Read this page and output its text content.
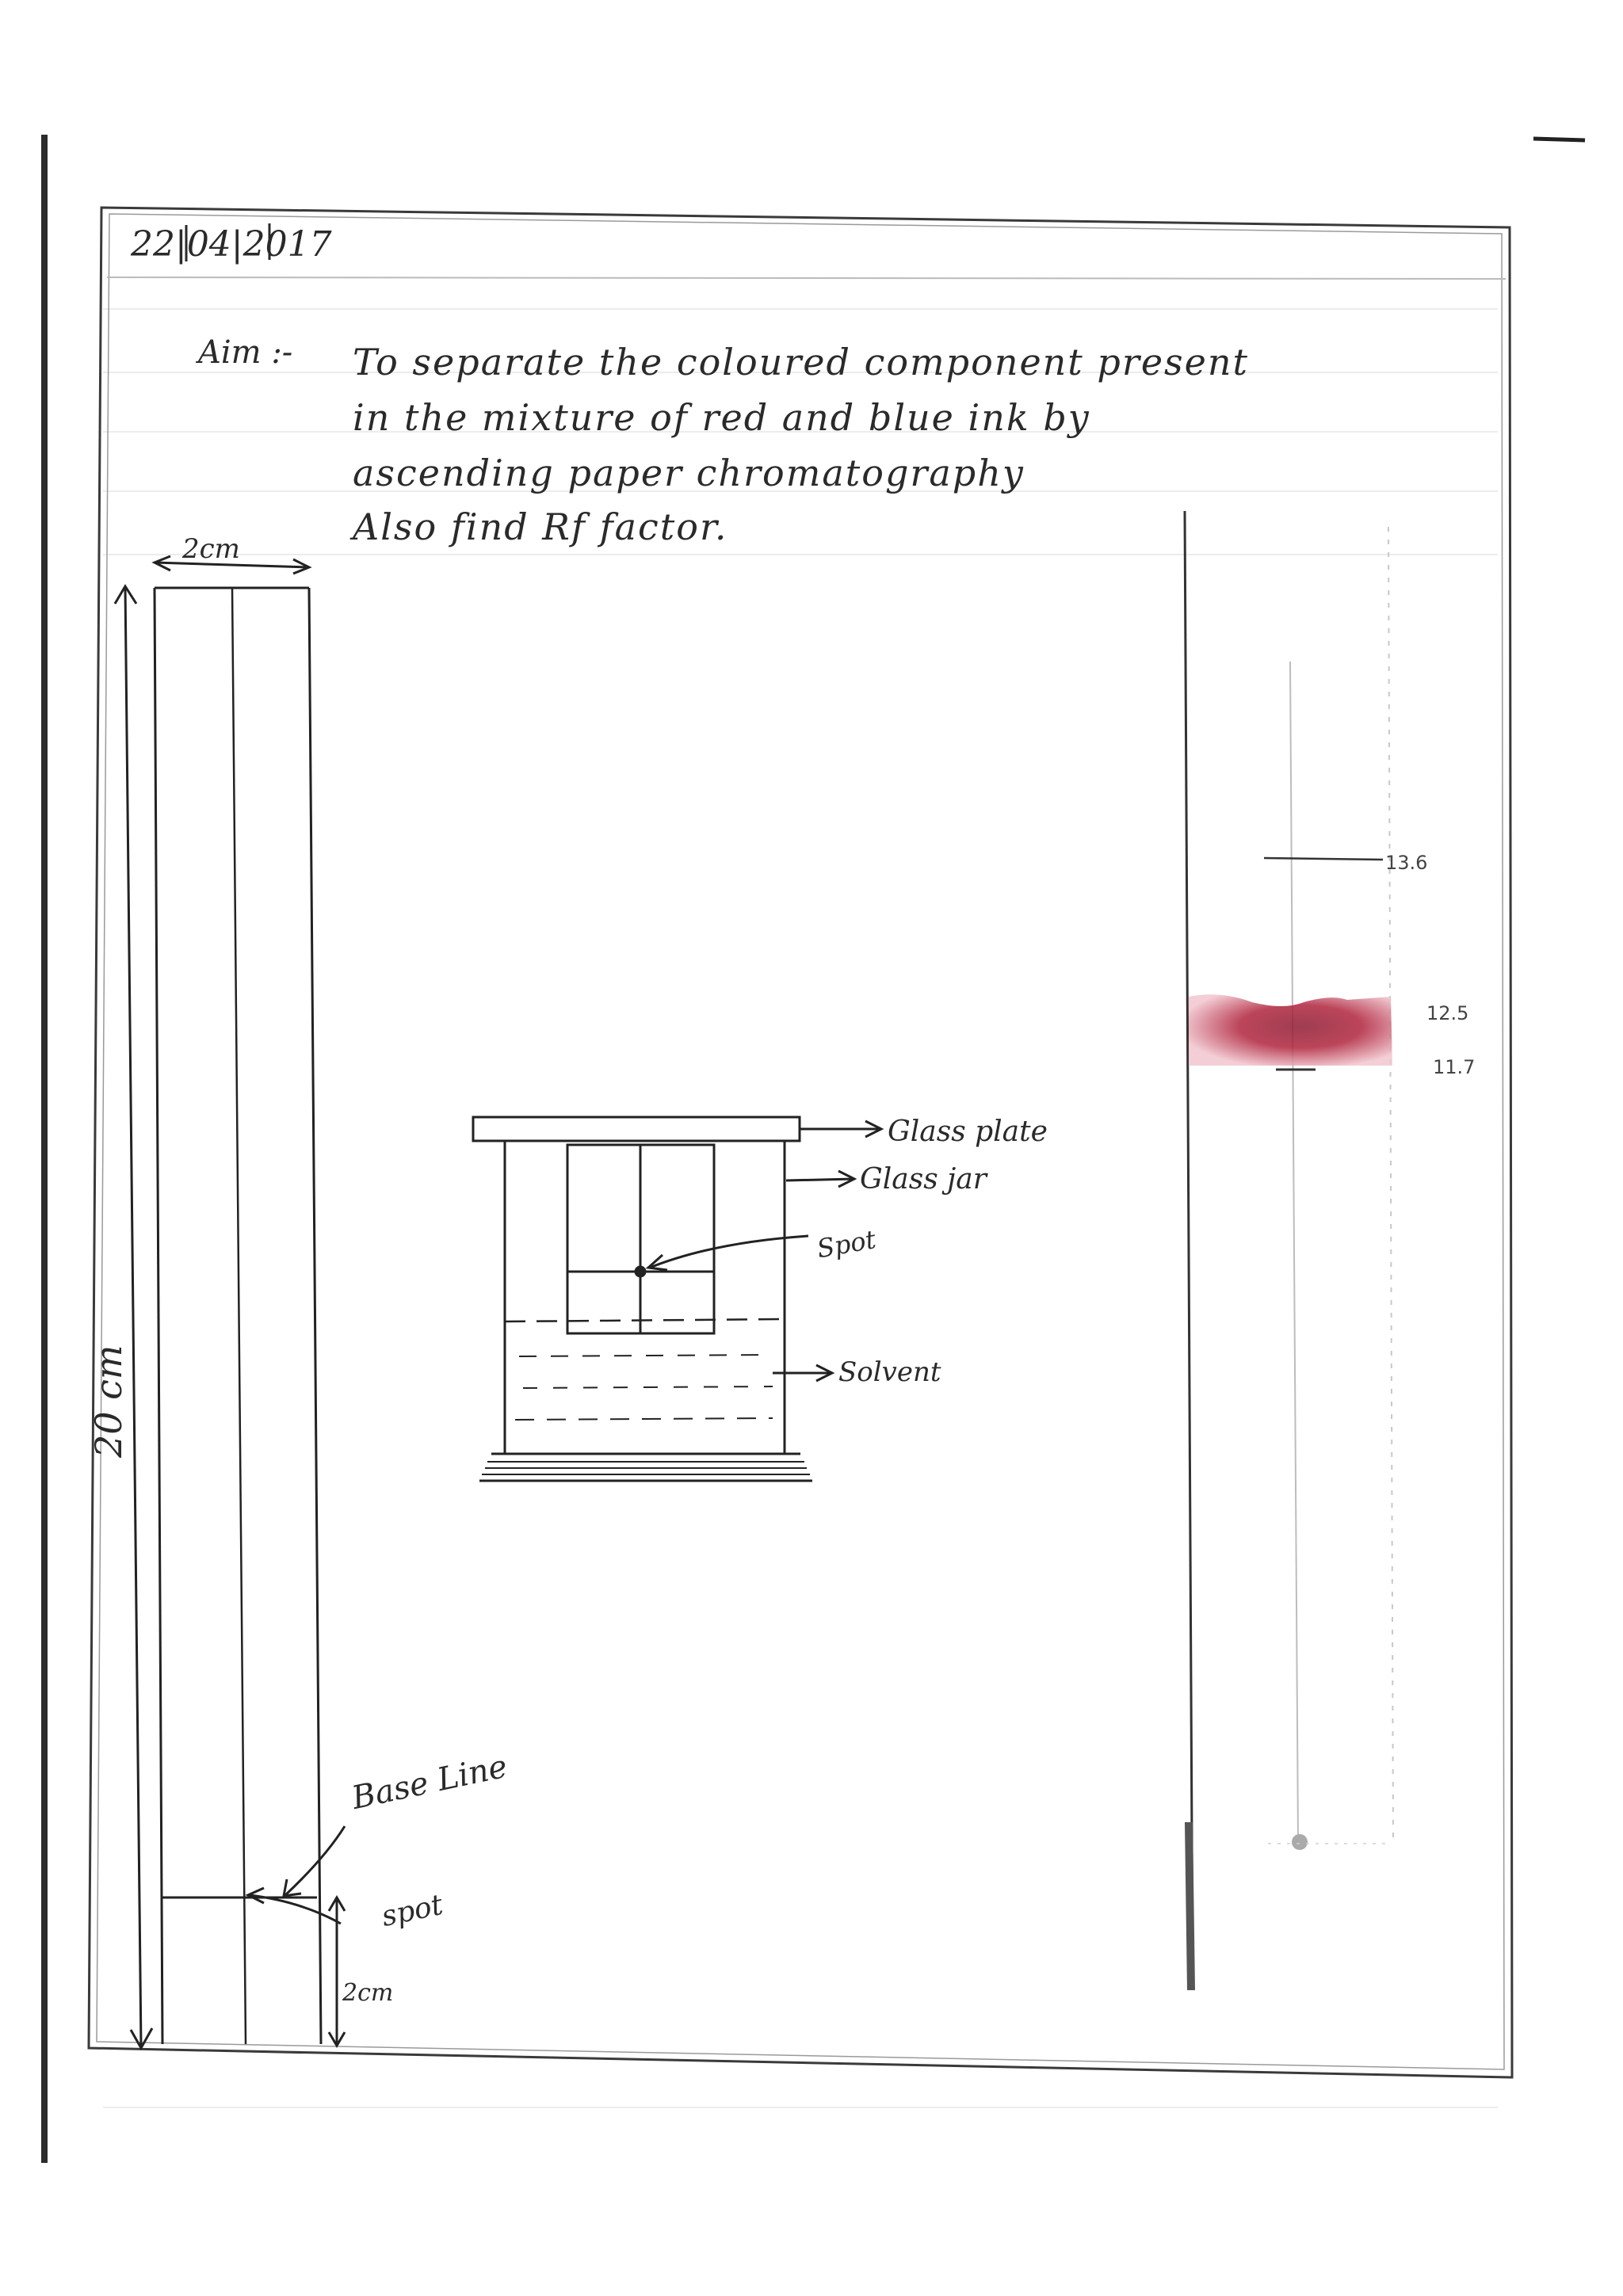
22|04|2017
Aim :- To separate the coloured component present
in the mixture of red and blue ink by
ascending paper chromatography
Also find Rf factor.
2cm
20 cm
Base Line
spot
2cm
Glass plate
Glass jar
Spot
Solvent
13.6
12.5
11.7
